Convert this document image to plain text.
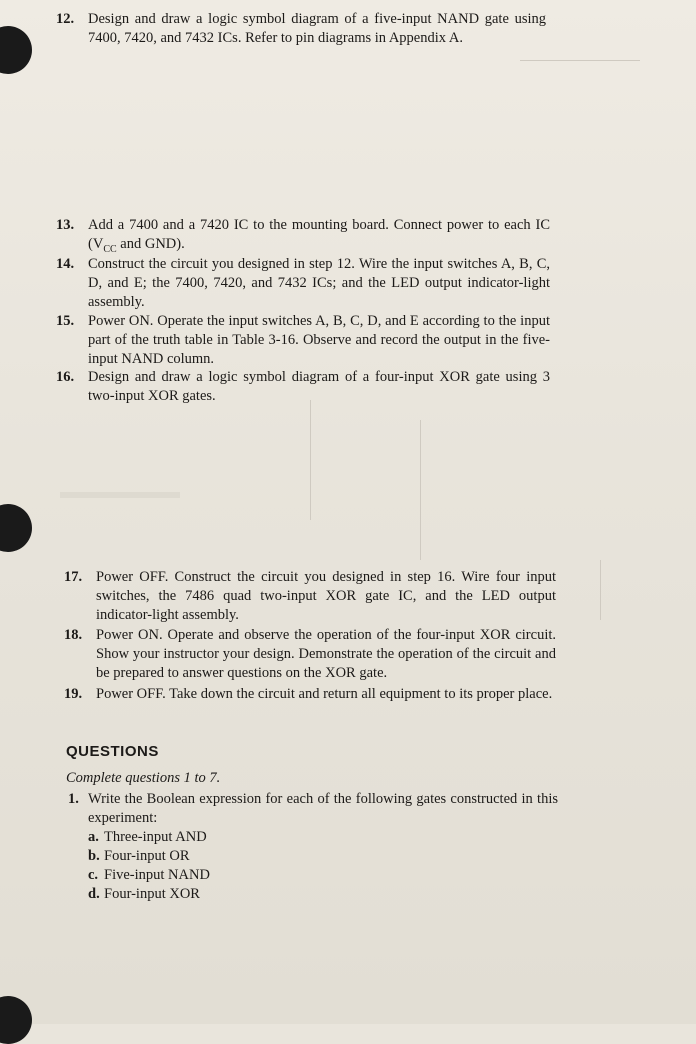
12. Design and draw a logic symbol diagram of a five-input NAND gate using 7400, 7420, and 7432 ICs. Refer to pin diagrams in Appendix A.
13. Add a 7400 and a 7420 IC to the mounting board. Connect power to each IC ($V_{CC}$ and GND).
14. Construct the circuit you designed in step 12. Wire the input switches A, B, C, D, and E; the 7400, 7420, and 7432 ICs; and the LED output indicator-light assembly.
15. Power ON. Operate the input switches A, B, C, D, and E according to the input part of the truth table in Table 3-16. Observe and record the output in the five-input NAND column.
16. Design and draw a logic symbol diagram of a four-input XOR gate using 3 two-input XOR gates.
17. Power OFF. Construct the circuit you designed in step 16. Wire four input switches, the 7486 quad two-input XOR gate IC, and the LED output indicator-light assembly.
18. Power ON. Operate and observe the operation of the four-input XOR circuit. Show your instructor your design. Demonstrate the operation of the circuit and be prepared to answer questions on the XOR gate.
19. Power OFF. Take down the circuit and return all equipment to its proper place.
QUESTIONS
Complete questions 1 to 7.
1. Write the Boolean expression for each of the following gates constructed in this experiment:
a. Three-input AND
b. Four-input OR
c. Five-input NAND
d. Four-input XOR
